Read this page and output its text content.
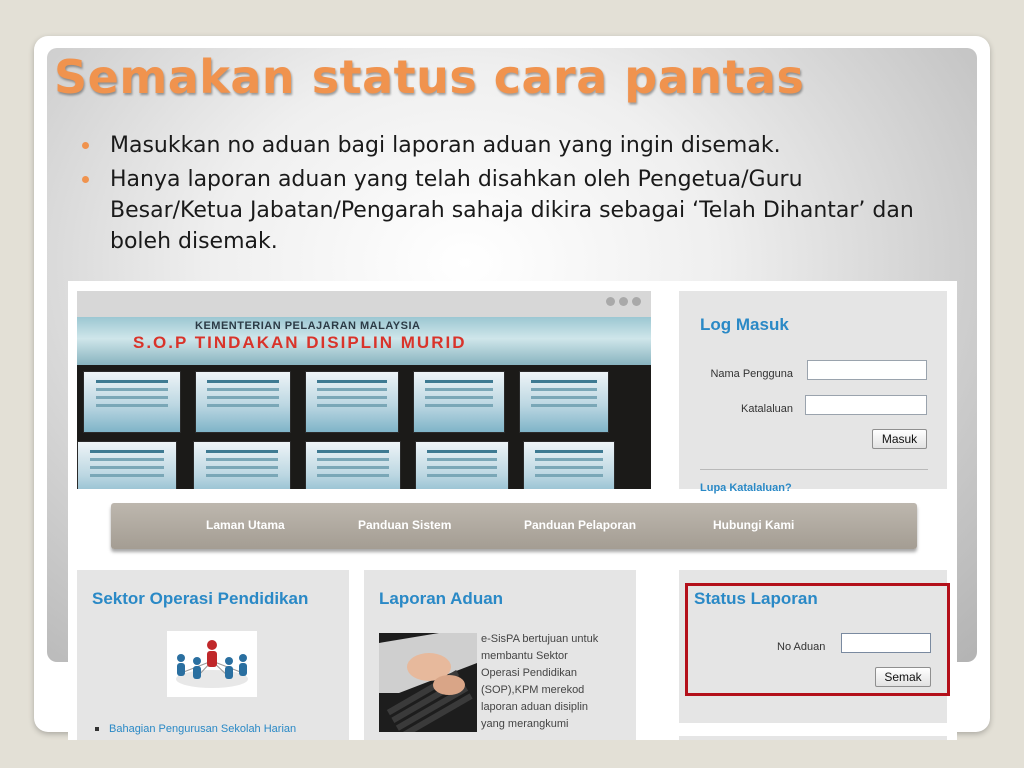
Semakan status cara pantas
Masukkan no aduan bagi laporan aduan yang ingin disemak.
Hanya laporan aduan yang telah disahkan oleh Pengetua/Guru Besar/Ketua Jabatan/Pengarah sahaja dikira sebagai ‘Telah Dihantar’ dan boleh disemak.
KEMENTERIAN PELAJARAN MALAYSIA
S.O.P TINDAKAN DISIPLIN MURID
Log Masuk
Nama Pengguna
Katalaluan
Masuk
Lupa Katalaluan?
Laman Utama	Panduan Sistem	Panduan Pelaporan	Hubungi Kami
Sektor Operasi Pendidikan
Bahagian Pengurusan Sekolah Harian
Laporan Aduan
e-SisPA bertujuan untuk
membantu Sektor
Operasi Pendidikan
(SOP),KPM merekod
laporan aduan disiplin
yang merangkumi
Status Laporan
No Aduan
Semak
